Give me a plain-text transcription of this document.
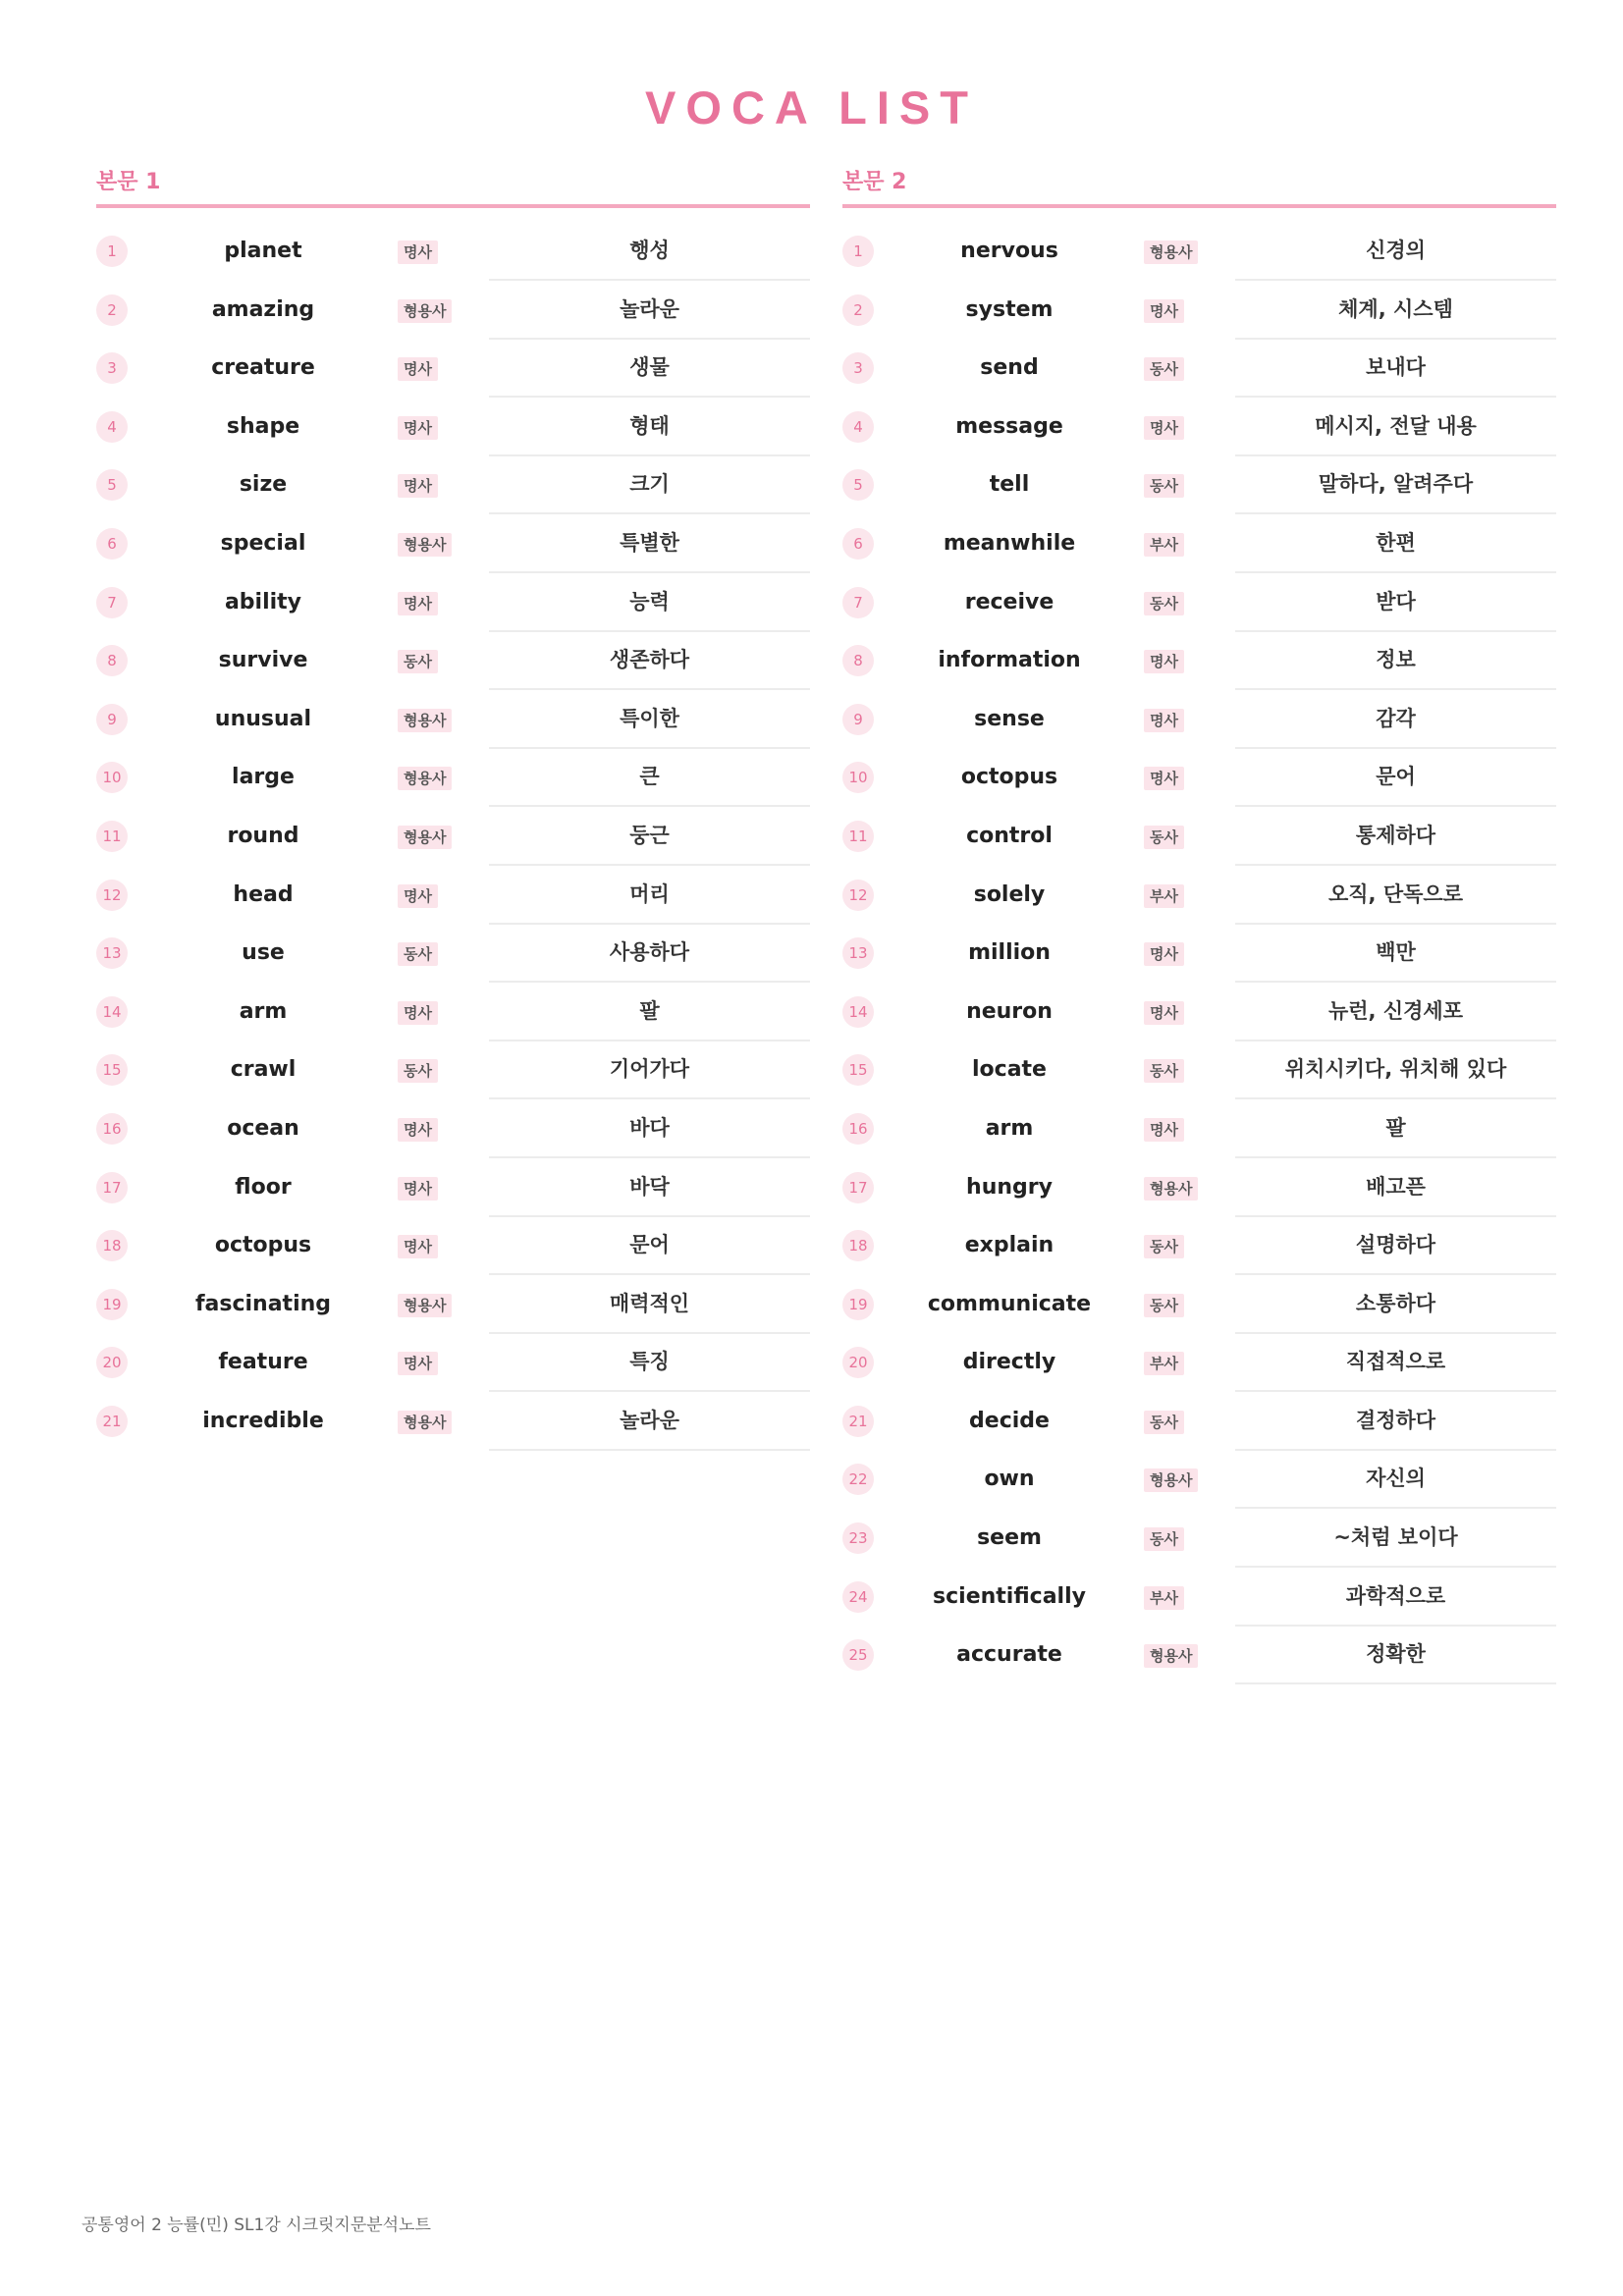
VOCA LIST
본문 1
1	planet	명사	행성
2	amazing	형용사	놀라운
3	creature	명사	생물
4	shape	명사	형태
5	size	명사	크기
6	special	형용사	특별한
7	ability	명사	능력
8	survive	동사	생존하다
9	unusual	형용사	특이한
10	large	형용사	큰
11	round	형용사	둥근
12	head	명사	머리
13	use	동사	사용하다
14	arm	명사	팔
15	crawl	동사	기어가다
16	ocean	명사	바다
17	floor	명사	바닥
18	octopus	명사	문어
19	fascinating	형용사	매력적인
20	feature	명사	특징
21	incredible	형용사	놀라운
본문 2
1	nervous	형용사	신경의
2	system	명사	체계, 시스템
3	send	동사	보내다
4	message	명사	메시지, 전달 내용
5	tell	동사	말하다, 알려주다
6	meanwhile	부사	한편
7	receive	동사	받다
8	information	명사	정보
9	sense	명사	감각
10	octopus	명사	문어
11	control	동사	통제하다
12	solely	부사	오직, 단독으로
13	million	명사	백만
14	neuron	명사	뉴런, 신경세포
15	locate	동사	위치시키다, 위치해 있다
16	arm	명사	팔
17	hungry	형용사	배고픈
18	explain	동사	설명하다
19	communicate	동사	소통하다
20	directly	부사	직접적으로
21	decide	동사	결정하다
22	own	형용사	자신의
23	seem	동사	~처럼 보이다
24	scientifically	부사	과학적으로
25	accurate	형용사	정확한
공통영어 2 능률(민) SL1강 시크릿지문분석노트
